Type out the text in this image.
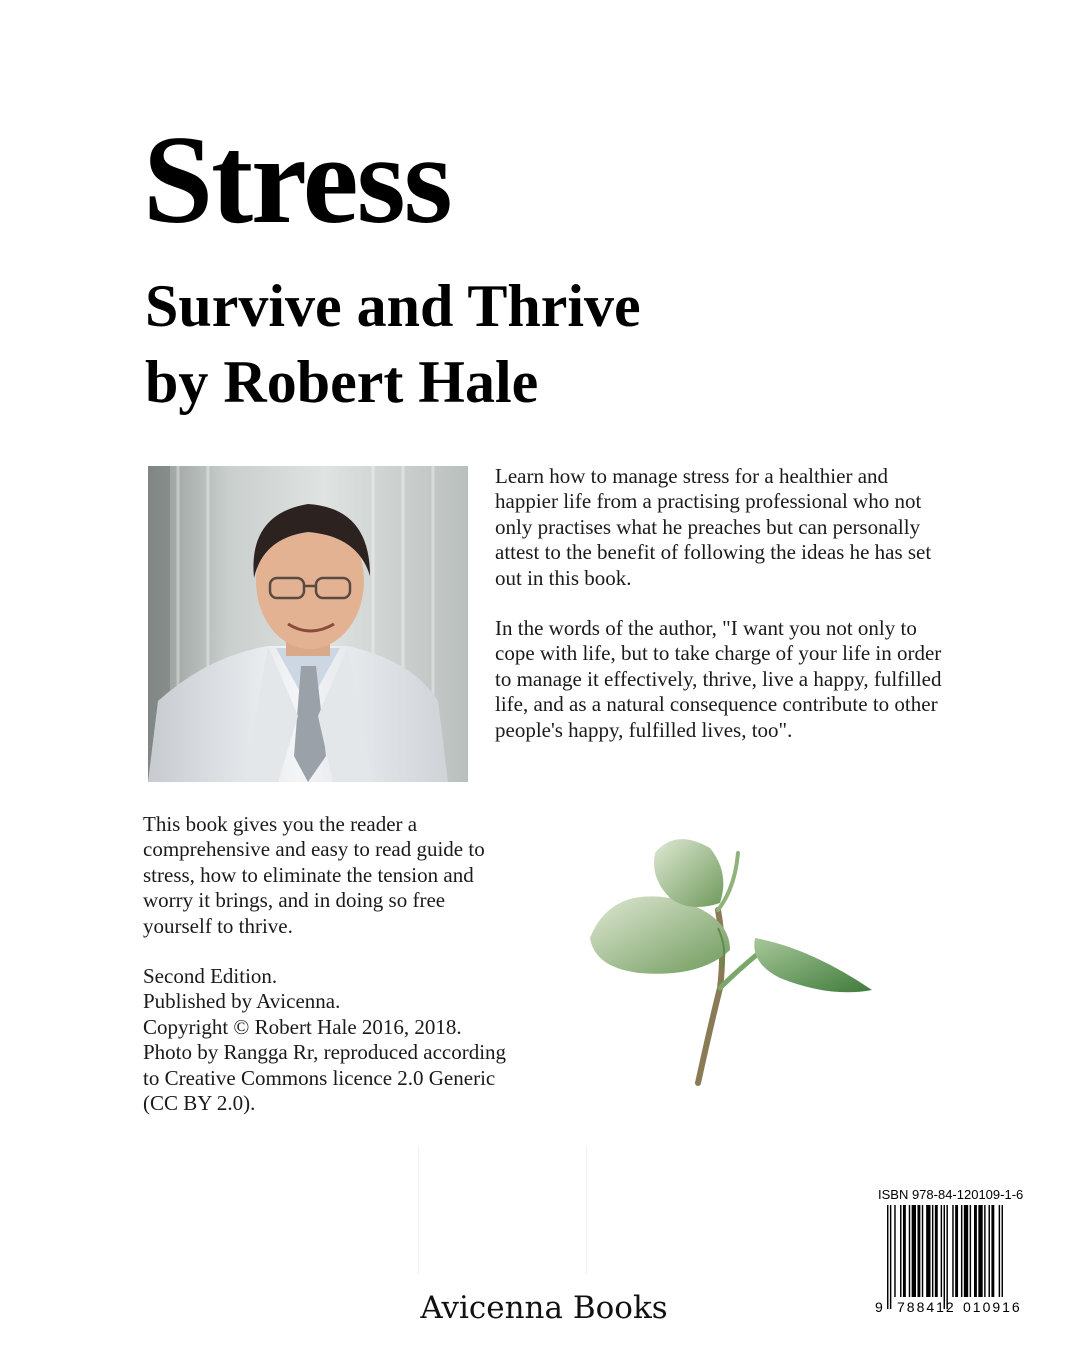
Stress
Survive and Thrive
by Robert Hale

Learn how to manage stress for a healthier and happier life from a practising professional who not only practises what he preaches but can personally attest to the benefit of following the ideas he has set out in this book.

In the words of the author, "I want you not only to cope with life, but to take charge of your life in order to manage it effectively, thrive, live a happy, fulfilled life, and as a natural consequence contribute to other people's happy, fulfilled lives, too".

This book gives you the reader a comprehensive and easy to read guide to stress, how to eliminate the tension and worry it brings, and in doing so free yourself to thrive.

Second Edition.
Published by Avicenna.
Copyright © Robert Hale 2016, 2018.
Photo by Rangga Rr, reproduced according to Creative Commons licence 2.0 Generic (CC BY 2.0).

ISBN 978-84-120109-1-6

9 788412 010916

Avicenna Books
